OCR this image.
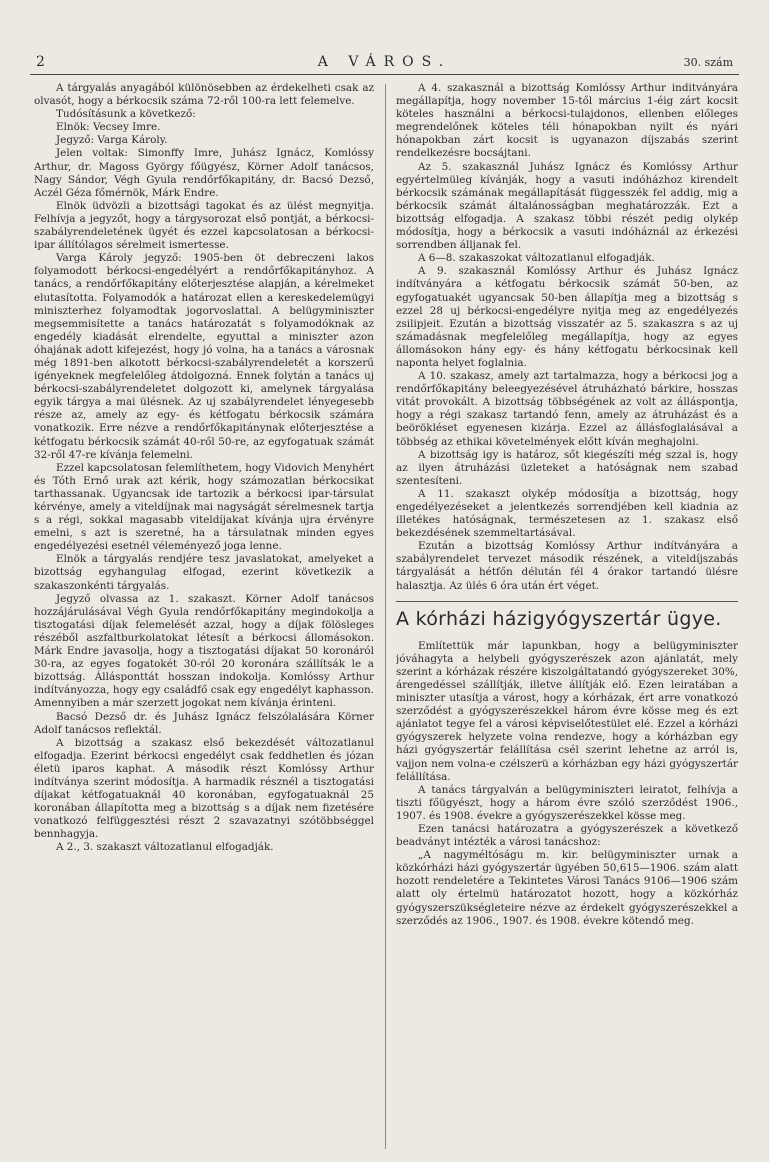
2	A VÁROS.	30. szám

A tárgyalás anyagából különösebben az érdekelheti csak az olvasót, hogy a bérkocsik száma 72-ről 100-ra lett felemelve.

Tudósításunk a következő:

Elnök: Vecsey Imre.

Jegyző: Varga Károly.

Jelen voltak: Simonffy Imre, Juhász Ignácz, Komlóssy Arthur, dr. Magoss György főügyész, Körner Adolf tanácsos, Nagy Sándor, Végh Gyula rendőrfőkapitány, dr. Bacsó Dezső, Aczél Géza főmérnök, Márk Endre.

Elnök üdvözli a bizottsági tagokat és az ülést megnyitja. Felhívja a jegyzőt, hogy a tárgysorozat első pontját, a bérkocsi-szabályrendeletének ügyét és ezzel kapcsolatosan a bérkocsi-ipar állítólagos sérelmeit ismertesse.

Varga Károly jegyző: 1905-ben öt debreczeni lakos folyamodott bérkocsi-engedélyért a rendőrfőkapitányhoz. A tanács, a rendőrfőkapitány előterjesztése alapján, a kérelmeket elutasította. Folyamodók a határozat ellen a kereskedelemügyi miniszterhez folyamodtak jogorvoslattal. A belügyminiszter megsemmisítette a tanács határozatát s folyamodóknak az engedély kiadását elrendelte, egyuttal a miniszter azon óhajának adott kifejezést, hogy jó volna, ha a tanács a városnak még 1891-ben alkotott bérkocsi-szabályrendeletét a korszerű igényeknek megfelelőleg átdolgozná. Ennek folytán a tanács uj bérkocsi-szabályrendeletet dolgozott ki, amelynek tárgyalása egyik tárgya a mai ülésnek. Az uj szabályrendelet lényegesebb része az, amely az egy- és kétfogatu bérkocsik számára vonatkozik. Erre nézve a rendőrfőkapitánynak előterjesztése a kétfogatu bérkocsik számát 40-ről 50-re, az egyfogatuak számát 32-ről 47-re kívánja felemelni.

Ezzel kapcsolatosan felemlíthetem, hogy Vidovich Menyhért és Tóth Ernő urak azt kérik, hogy számozatlan bérkocsikat tarthassanak. Ugyancsak ide tartozik a bérkocsi ipar-társulat kérvénye, amely a viteldíjnak mai nagyságát sérelmesnek tartja s a régi, sokkal magasabb viteldíjakat kívánja ujra érvényre emelni, s azt is szeretné, ha a társulatnak minden egyes engedélyezési esetnél véleményező joga lenne.

Elnök a tárgyalás rendjére tesz javaslatokat, amelyeket a bizottság egyhangulag elfogad, ezerint következik a szakaszonkénti tárgyalás.

Jegyző olvassa az 1. szakaszt. Körner Adolf tanácsos hozzájárulásával Végh Gyula rendőrfőkapitány megindokolja a tisztogatási díjak felemelését azzal, hogy a díjak fölösleges részéből aszfaltburkolatokat létesít a bérkocsi állomásokon. Márk Endre javasolja, hogy a tisztogatási díjakat 50 koronáról 30-ra, az egyes fogatokét 30-ról 20 koronára szállítsák le a bizottság. Állásponttát hosszan indokolja. Komlóssy Arthur indítványozza, hogy egy családfő csak egy engedélyt kaphasson. Amennyiben a már szerzett jogokat nem kívánja érinteni.

Bacsó Dezső dr. és Juhász Ignácz felszólalására Körner Adolf tanácsos reflektál.

A bizottság a szakasz első bekezdését változatlanul elfogadja. Ezerint bérkocsi engedélyt csak feddhetlen és józan életü iparos kaphat. A második részt Komlóssy Arthur indítványa szerint módosítja. A harmadik résznél a tisztogatási díjakat kétfogatuaknál 40 koronában, egyfogatuaknál 25 koronában állapította meg a bizottság s a díjak nem fizetésére vonatkozó felfüggesztési részt 2 szavazatnyi szótöbbséggel bennhagyja.

A 2., 3. szakaszt változatlanul elfogadják.

A 4. szakasznál a bizottság Komlóssy Arthur inditványára megállapítja, hogy november 15-től március 1-éig zárt kocsit köteles használni a bérkocsi-tulajdonos, ellenben előleges megrendelőnek köteles téli hónapokban nyilt és nyári hónapokban zárt kocsit is ugyanazon díjszabás szerint rendelkezésre bocsájtani.

Az 5. szakasznál Juhász Ignácz és Komlóssy Arthur egyértelmüleg kívánják, hogy a vasuti indóházhoz kirendelt bérkocsik számának megállapítását függesszék fel addig, mig a bérkocsik számát általánosságban meghatározzák. Ezt a bizottság elfogadja. A szakasz többi részét pedig olykép módosítja, hogy a bérkocsik a vasuti indóháznál az érkezési sorrendben álljanak fel.

A 6—8. szakaszokat változatlanul elfogadják.

A 9. szakasznál Komlóssy Arthur és Juhász Ignácz indítványára a kétfogatu bérkocsik számát 50-ben, az egyfogatuakét ugyancsak 50-ben állapítja meg a bizottság s ezzel 28 uj bérkocsi-engedélyre nyitja meg az engedélyezés zsilipjeit. Ezután a bizottság visszatér az 5. szakaszra s az uj számadásnak megfelelőleg megállapítja, hogy az egyes állomásokon hány egy- és hány kétfogatu bérkocsinak kell naponta helyet foglalnia.

A 10. szakasz, amely azt tartalmazza, hogy a bérkocsi jog a rendőrfőkapitány beleegyezésével átruházható bárkire, hosszas vitát provokált. A bizottság többségének az volt az álláspontja, hogy a régi szakasz tartandó fenn, amely az átruházást és a beörökléset egyenesen kizárja. Ezzel az állásfoglalásával a többség az ethikai követelmények előtt kíván meghajolni.

A bizottság igy is határoz, sőt kiegészíti még szzal is, hogy az ilyen átruházási üzleteket a hatóságnak nem szabad szentesíteni.

A 11. szakaszt olykép módosítja a bizottság, hogy engedélyezéseket a jelentkezés sorrendjében kell kiadnia az illetékes hatóságnak, természetesen az 1. szakasz első bekezdésének szemmeltartásával.

Ezután a bizottság Komlóssy Arthur indítványára a szabályrendelet tervezet második részének, a viteldíjszabás tárgyalását a hétfőn délután fél 4 órakor tartandó ülésre halasztja. Az ülés 6 óra után ért véget.

A kórházi házigyógyszertár ügye.

Említettük már lapunkban, hogy a belügyminiszter jóváhagyta a helybeli gyógyszerészek azon ajánlatát, mely szerint a kórházak részére kiszolgáltatandó gyógyszereket 30%, árengedéssel szállítják, illetve állítják elő. Ezen leiratában a miniszter utasítja a várost, hogy a kórházak, ért arre vonatkozó szerződést a gyógyszerészekkel három évre kösse meg és ezt ajánlatot tegye fel a városi képviselőtestület elé. Ezzel a kórházi gyógyszerek helyzete volna rendezve, hogy a kórházban egy házi gyógyszertár felállítása csél szerint lehetne az arról is, vajjon nem volna-e czélszerü a kórházban egy házi gyógyszertár felállítása.

A tanács tárgyalván a belügyminiszteri leiratot, felhívja a tiszti főügyészt, hogy a három évre szóló szerződést 1906., 1907. és 1908. évekre a gyógyszerészekkel kösse meg.

Ezen tanácsi határozatra a gyógyszerészek a következő beadványt intézték a városi tanácshoz:

„A nagyméltóságu m. kir. belügyminiszter urnak a közkórházi házi gyógyszertár ügyében 50,615—1906. szám alatt hozott rendeletére a Tekintetes Városi Tanács 9106—1906 szám alatt oly értelmü határozatot hozott, hogy a közkórház gyógyszerszükségleteire nézve az érdekelt gyógyszerészekkel a szerződés az 1906., 1907. és 1908. évekre kötendő meg.
